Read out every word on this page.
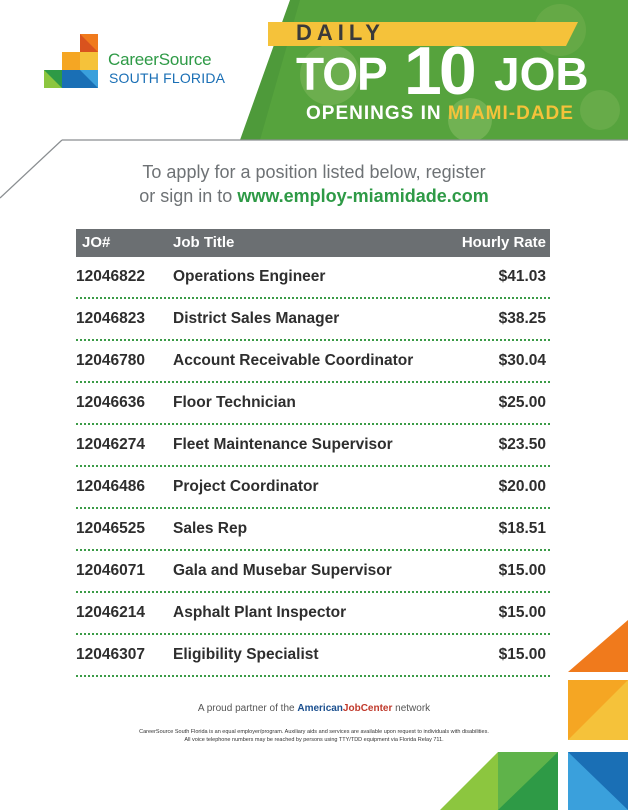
CareerSource
SOUTH FLORIDA
DAILY
TOP 10 JOB
OPENINGS IN MIAMI-DADE
To apply for a position listed below, register
or sign in to www.employ-miamidade.com
JO#	Job Title	Hourly Rate
12046822 Operations Engineer	$41.03
12046823 District Sales Manager	$38.25
12046780 Account Receivable Coordinator	$30.04
12046636 Floor Technician	$25.00
12046274 Fleet Maintenance Supervisor	$23.50
12046486 Project Coordinator	$20.00
12046525 Sales Rep	$18.51
12046071 Gala and Musebar Supervisor	$15.00
12046214 Asphalt Plant Inspector	$15.00
12046307 Eligibility Specialist	$15.00
A proud partner of the AmericanJobCenter network
CareerSource South Florida is an equal employer/program. Auxiliary aids and services are available upon request to individuals with disabilities.
All voice telephone numbers may be reached by persons using TTY/TDD equipment via Florida Relay 711.
